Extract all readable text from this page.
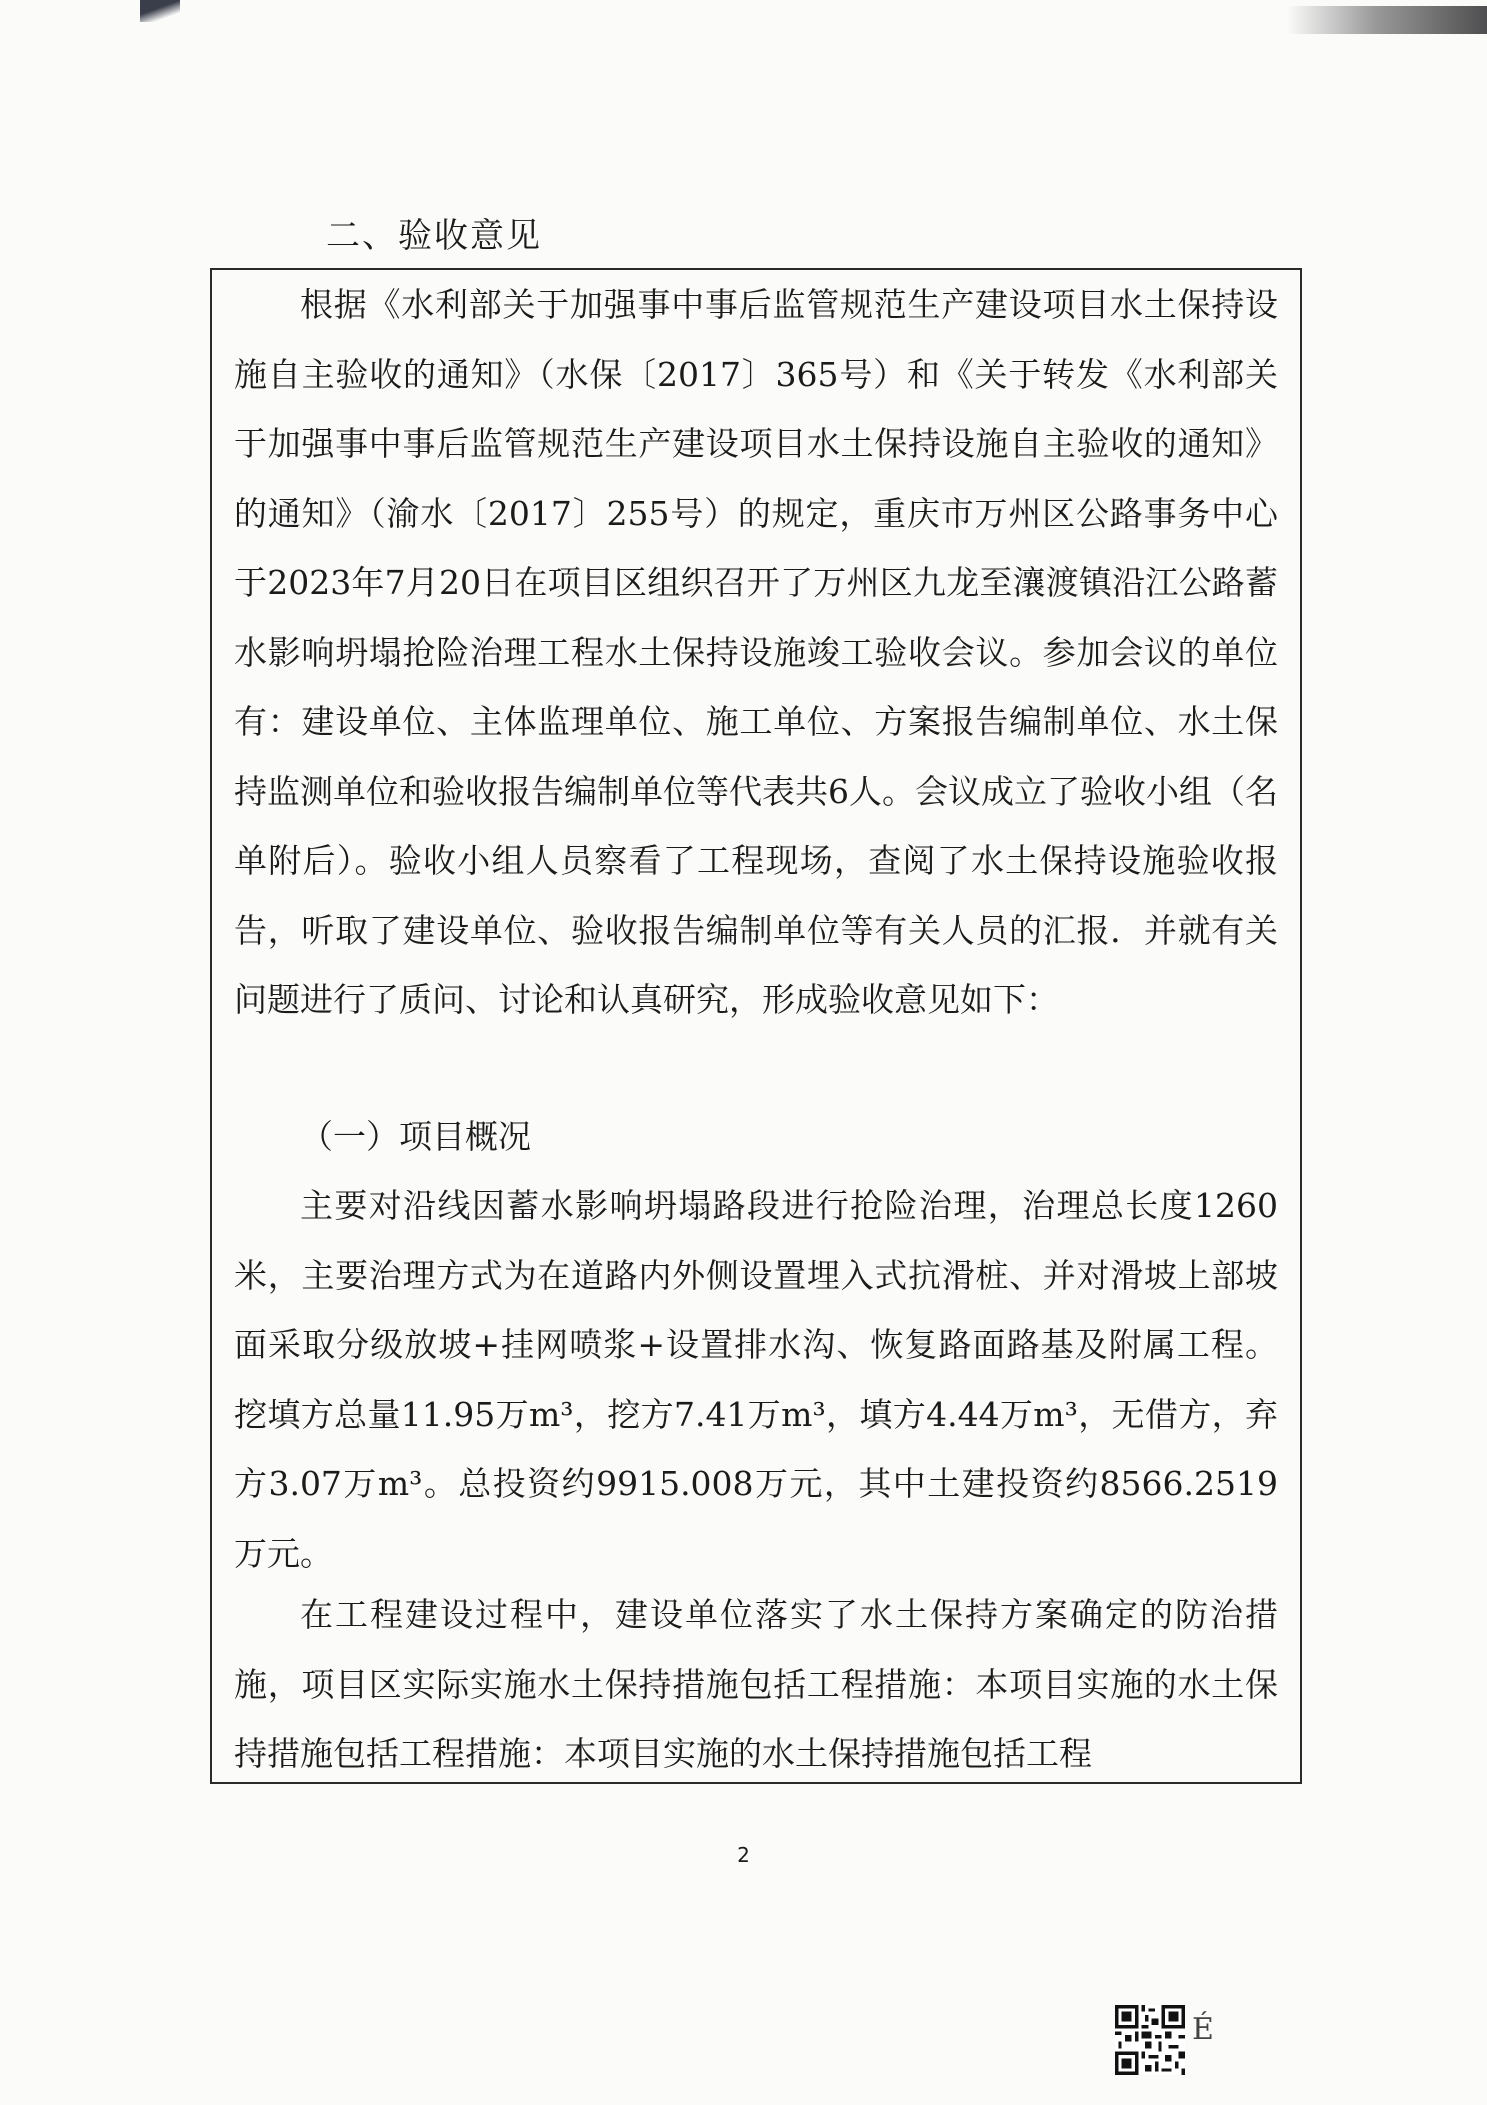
二、验收意见

根据《水利部关于加强事中事后监管规范生产建设项目水土保持设施自主验收的通知》（水保〔2017〕365号）和《关于转发《水利部关于加强事中事后监管规范生产建设项目水土保持设施自主验收的通知》的通知》（渝水〔2017〕255号）的规定，重庆市万州区公路事务中心于2023年7月20日在项目区组织召开了万州区九龙至瀼渡镇沿江公路蓄水影响坍塌抢险治理工程水土保持设施竣工验收会议。参加会议的单位有：建设单位、主体监理单位、施工单位、方案报告编制单位、水土保持监测单位和验收报告编制单位等代表共6人。会议成立了验收小组（名单附后）。验收小组人员察看了工程现场，查阅了水土保持设施验收报告，听取了建设单位、验收报告编制单位等有关人员的汇报．并就有关问题进行了质问、讨论和认真研究，形成验收意见如下：

（一）项目概况

主要对沿线因蓄水影响坍塌路段进行抢险治理，治理总长度1260米，主要治理方式为在道路内外侧设置埋入式抗滑桩、并对滑坡上部坡面采取分级放坡+挂网喷浆+设置排水沟、恢复路面路基及附属工程。挖填方总量11.95万m³，挖方7.41万m³，填方4.44万m³，无借方，弃方3.07万m³。总投资约9915.008万元，其中土建投资约8566.2519万元。

在工程建设过程中，建设单位落实了水土保持方案确定的防治措施，项目区实际实施水土保持措施包括工程措施：本项目实施的水土保持措施包括工程措施：本项目实施的水土保持措施包括工程

2
É
